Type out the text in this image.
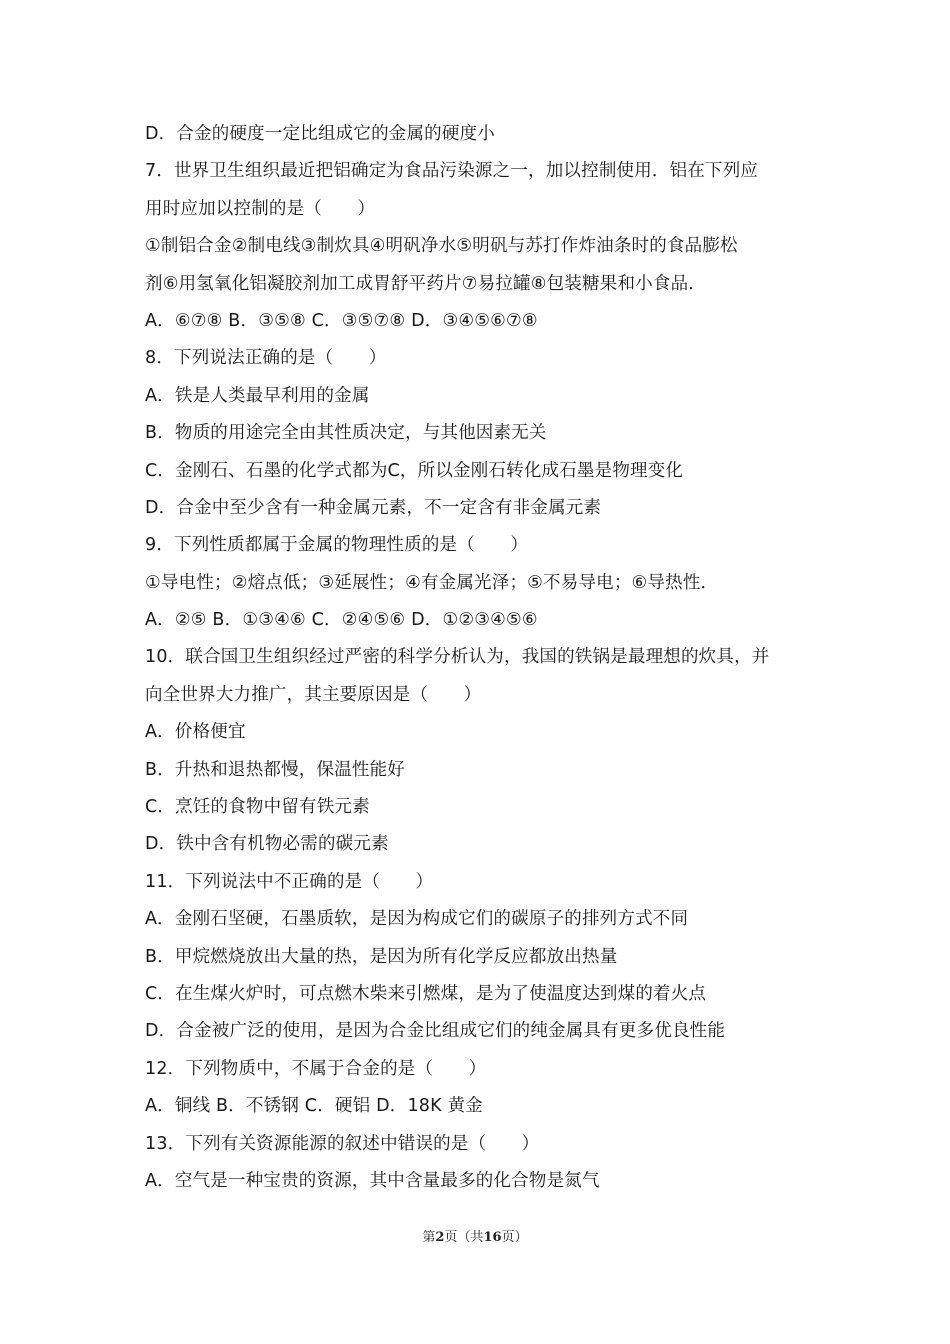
D．合金的硬度一定比组成它的金属的硬度小
7．世界卫生组织最近把铝确定为食品污染源之一，加以控制使用．铝在下列应
用时应加以控制的是（　　）
①制铝合金②制电线③制炊具④明矾净水⑤明矾与苏打作炸油条时的食品膨松
剂⑥用氢氧化铝凝胶剂加工成胃舒平药片⑦易拉罐⑧包装糖果和小食品．
A．⑥⑦⑧ B．③⑤⑧ C．③⑤⑦⑧ D．③④⑤⑥⑦⑧
8．下列说法正确的是（　　）
A．铁是人类最早利用的金属
B．物质的用途完全由其性质决定，与其他因素无关
C．金刚石、石墨的化学式都为C，所以金刚石转化成石墨是物理变化
D．合金中至少含有一种金属元素，不一定含有非金属元素
9．下列性质都属于金属的物理性质的是（　　）
①导电性；②熔点低；③延展性；④有金属光泽；⑤不易导电；⑥导热性．
A．②⑤ B．①③④⑥ C．②④⑤⑥ D．①②③④⑤⑥
10．联合国卫生组织经过严密的科学分析认为，我国的铁锅是最理想的炊具，并
向全世界大力推广，其主要原因是（　　）
A．价格便宜
B．升热和退热都慢，保温性能好
C．烹饪的食物中留有铁元素
D．铁中含有机物必需的碳元素
11．下列说法中不正确的是（　　）
A．金刚石坚硬，石墨质软，是因为构成它们的碳原子的排列方式不同
B．甲烷燃烧放出大量的热，是因为所有化学反应都放出热量
C．在生煤火炉时，可点燃木柴来引燃煤，是为了使温度达到煤的着火点
D．合金被广泛的使用，是因为合金比组成它们的纯金属具有更多优良性能
12．下列物质中，不属于合金的是（　　）
A．铜线 B．不锈钢 C．硬铝 D．18K 黄金
13．下列有关资源能源的叙述中错误的是（　　）
A．空气是一种宝贵的资源，其中含量最多的化合物是氮气
第2页（共16页）
